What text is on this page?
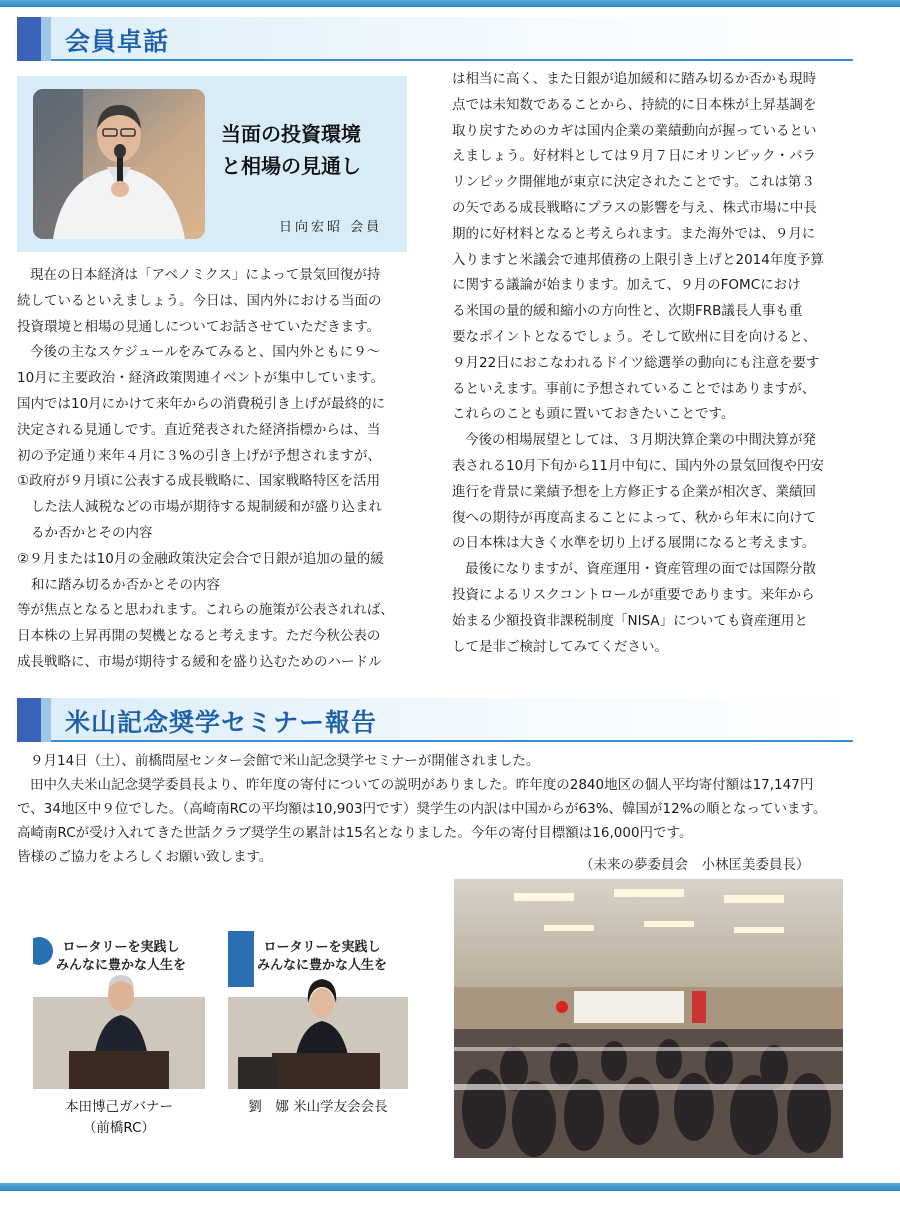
会員卓話
当面の投資環境
と相場の見通し
日向宏昭 会員

現在の日本経済は「アベノミクス」によって景気回復が持

続しているといえましょう。今日は、国内外における当面の

投資環境と相場の見通しについてお話させていただきます。

今後の主なスケジュールをみてみると、国内外ともに９～

10月に主要政治・経済政策関連イベントが集中しています。

国内では10月にかけて来年からの消費税引き上げが最終的に

決定される見通しです。直近発表された経済指標からは、当

初の予定通り来年４月に３%の引き上げが予想されますが、

①政府が９月頃に公表する成長戦略に、国家戦略特区を活用

した法人減税などの市場が期待する規制緩和が盛り込まれ

るか否かとその内容

②９月または10月の金融政策決定会合で日銀が追加の量的緩

和に踏み切るか否かとその内容

等が焦点となると思われます。これらの施策が公表されれば、

日本株の上昇再開の契機となると考えます。ただ今秋公表の

成長戦略に、市場が期待する緩和を盛り込むためのハードル

は相当に高く、また日銀が追加緩和に踏み切るか否かも現時

点では未知数であることから、持続的に日本株が上昇基調を

取り戻すためのカギは国内企業の業績動向が握っているとい

えましょう。好材料としては９月７日にオリンピック・パラ

リンピック開催地が東京に決定されたことです。これは第３

の矢である成長戦略にプラスの影響を与え、株式市場に中長

期的に好材料となると考えられます。また海外では、９月に

入りますと米議会で連邦債務の上限引き上げと2014年度予算

に関する議論が始まります。加えて、９月のFOMCにおけ

る米国の量的緩和縮小の方向性と、次期FRB議長人事も重

要なポイントとなるでしょう。そして欧州に目を向けると、

９月22日におこなわれるドイツ総選挙の動向にも注意を要す

るといえます。事前に予想されていることではありますが、

これらのことも頭に置いておきたいことです。

今後の相場展望としては、３月期決算企業の中間決算が発

表される10月下旬から11月中旬に、国内外の景気回復や円安

進行を背景に業績予想を上方修正する企業が相次ぎ、業績回

復への期待が再度高まることによって、秋から年末に向けて

の日本株は大きく水準を切り上げる展開になると考えます。

最後になりますが、資産運用・資産管理の面では国際分散

投資によるリスクコントロールが重要であります。来年から

始まる少額投資非課税制度「NISA」についても資産運用と

して是非ご検討してみてください。

米山記念奨学セミナー報告

９月14日（土）、前橋問屋センター会館で米山記念奨学セミナーが開催されました。

田中久夫米山記念奨学委員長より、昨年度の寄付についての説明がありました。昨年度の2840地区の個人平均寄付額は17,147円

で、34地区中９位でした。（高崎南RCの平均額は10,903円です）奨学生の内訳は中国からが63%、韓国が12%の順となっています。

高崎南RCが受け入れてきた世話クラブ奨学生の累計は15名となりました。今年の寄付目標額は16,000円です。

皆様のご協力をよろしくお願い致します。	（未来の夢委員会　小林匡美委員長）
ロータリーを実践し
みんなに豊かな人生を
本田博己ガバナー
（前橋RC）
ロータリーを実践し
みんなに豊かな人生を
劉　娜 米山学友会会長
